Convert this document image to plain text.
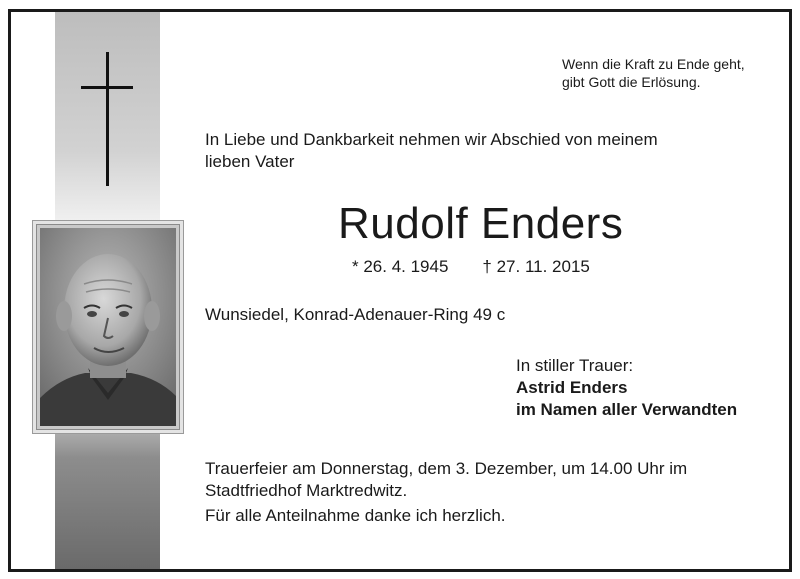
Wenn die Kraft zu Ende geht,
gibt Gott die Erlösung.
In Liebe und Dankbarkeit nehmen wir Abschied von meinem
lieben Vater
Rudolf Enders
* 26. 4. 1945 † 27. 11. 2015
Wunsiedel, Konrad-Adenauer-Ring 49 c
In stiller Trauer:
Astrid Enders
im Namen aller Verwandten
Trauerfeier am Donnerstag, dem 3. Dezember, um 14.00 Uhr im
Stadtfriedhof Marktredwitz.
Für alle Anteilnahme danke ich herzlich.
